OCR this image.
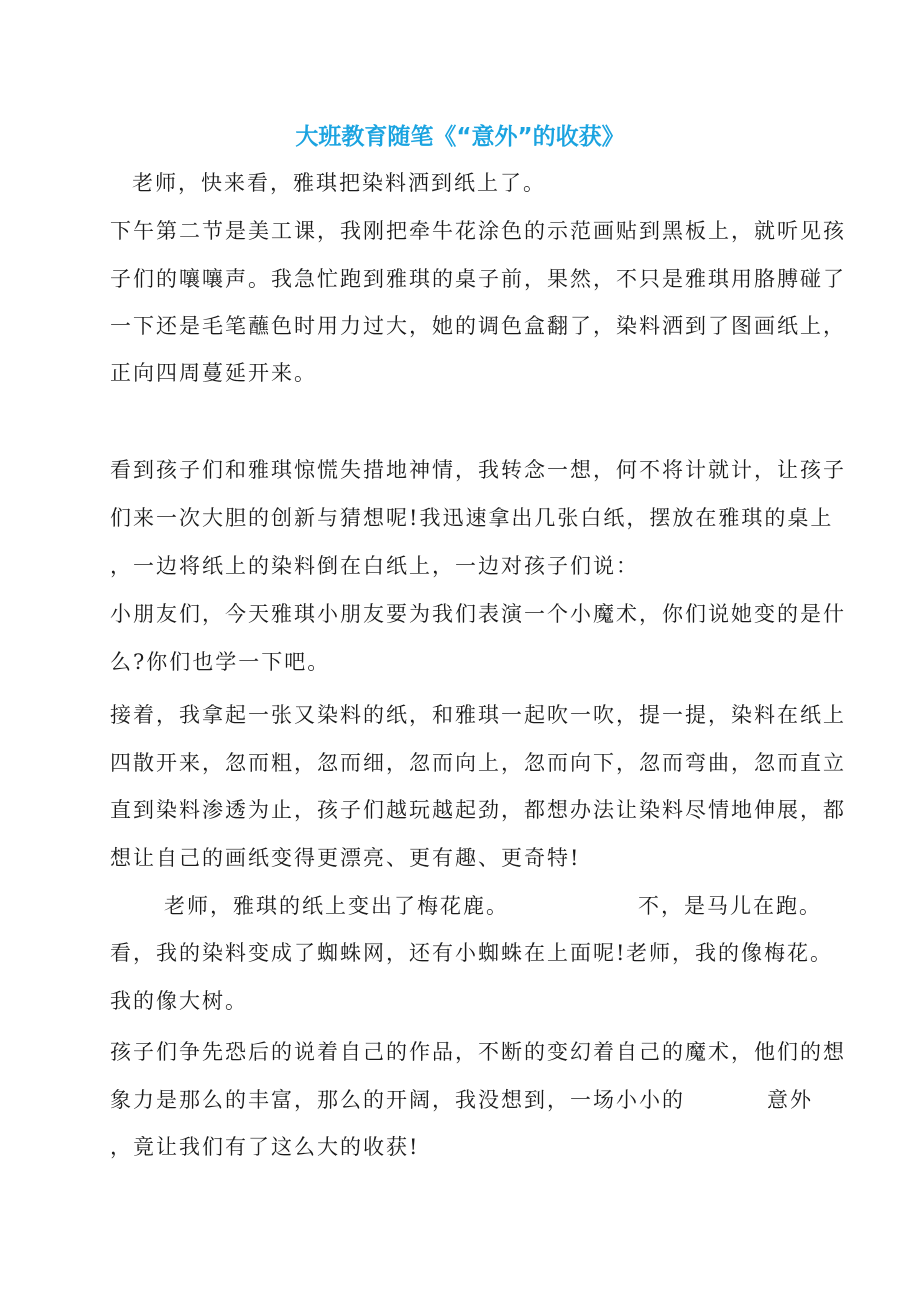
大班教育随笔《“意外”的收获》
老师，快来看，雅琪把染料洒到纸上了。
下午第二节是美工课，我刚把牵牛花涂色的示范画贴到黑板上，就听见孩
子们的嚷嚷声。我急忙跑到雅琪的桌子前，果然，不只是雅琪用胳膊碰了
一下还是毛笔蘸色时用力过大，她的调色盒翻了，染料洒到了图画纸上，
正向四周蔓延开来。
看到孩子们和雅琪惊慌失措地神情，我转念一想，何不将计就计，让孩子
们来一次大胆的创新与猜想呢!我迅速拿出几张白纸，摆放在雅琪的桌上
，一边将纸上的染料倒在白纸上，一边对孩子们说：
小朋友们，今天雅琪小朋友要为我们表演一个小魔术，你们说她变的是什
么?你们也学一下吧。
接着，我拿起一张又染料的纸，和雅琪一起吹一吹，提一提，染料在纸上
四散开来，忽而粗，忽而细，忽而向上，忽而向下，忽而弯曲，忽而直立
直到染料渗透为止，孩子们越玩越起劲，都想办法让染料尽情地伸展，都
想让自己的画纸变得更漂亮、更有趣、更奇特!
老师，雅琪的纸上变出了梅花鹿。	不，是马儿在跑。
看，我的染料变成了蜘蛛网，还有小蜘蛛在上面呢! 老师，我的像梅花。
我的像大树。
孩子们争先恐后的说着自己的作品，不断的变幻着自己的魔术，他们的想
象力是那么的丰富，那么的开阔，我没想到，一场小小的	意外
，竟让我们有了这么大的收获!
